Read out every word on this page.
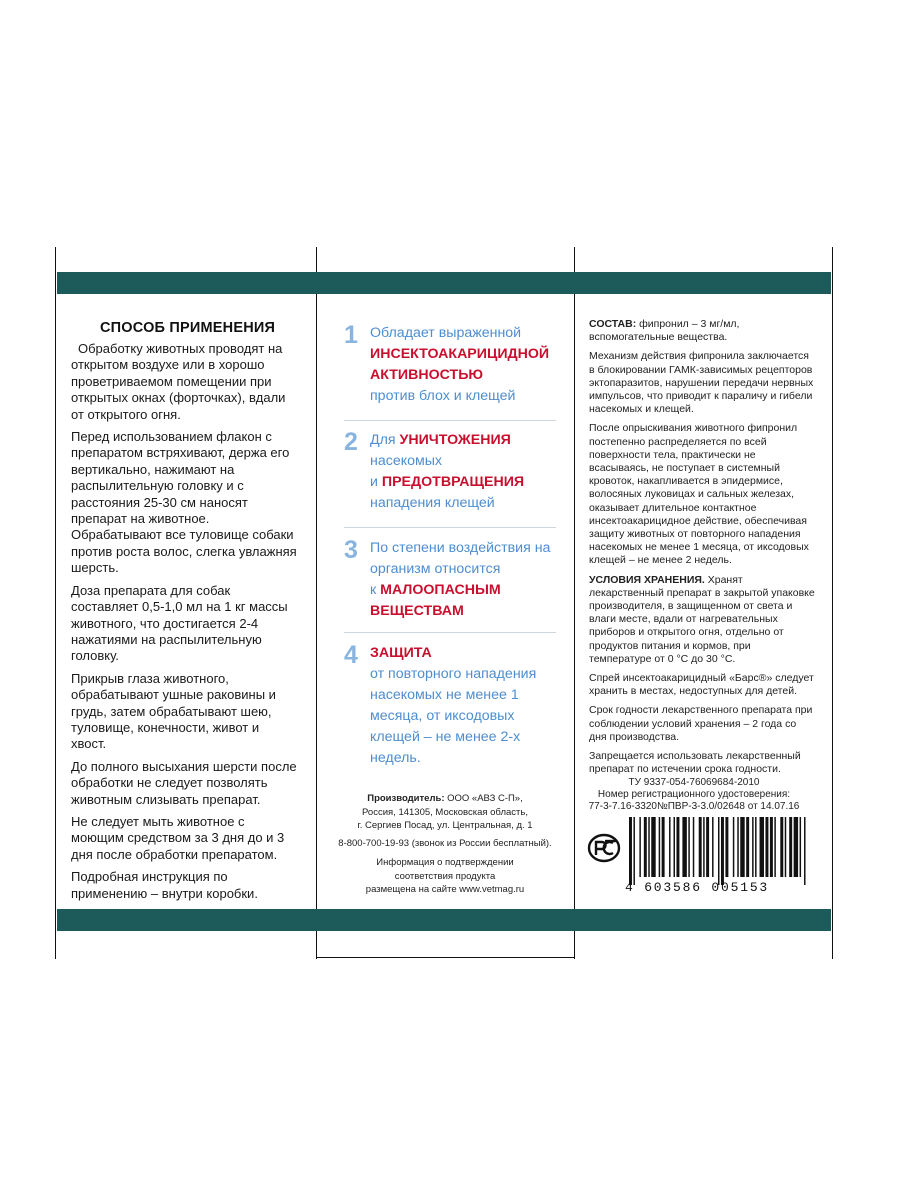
СПОСОБ ПРИМЕНЕНИЯ

Обработку животных проводят на открытом воздухе или в хорошо проветриваемом помещении при открытых окнах (форточках), вдали от открытого огня.

Перед использованием флакон с препаратом встряхивают, держа его вертикально, нажимают на распылительную головку и с расстояния 25-30 см наносят препарат на животное. Обрабатывают все туловище собаки против роста волос, слегка увлажняя шерсть.

Доза препарата для собак составляет 0,5-1,0 мл на 1 кг массы животного, что достигается 2-4 нажатиями на распылительную головку.

Прикрыв глаза животного, обрабатывают ушные раковины и грудь, затем обрабатывают шею, туловище, конечности, живот и хвост.

До полного высыхания шерсти после обработки не следует позволять животным слизывать препарат.

Не следует мыть животное с моющим средством за 3 дня до и 3 дня после обработки препаратом.

Подробная инструкция по применению – внутри коробки.

1 Обладает выраженной
ИНСЕКТОАКАРИЦИДНОЙ АКТИВНОСТЬЮ
против блох и клещей
2 Для УНИЧТОЖЕНИЯ
насекомых
и ПРЕДОТВРАЩЕНИЯ
нападения клещей
3 По степени воздействия на организм относится
к МАЛООПАСНЫМ ВЕЩЕСТВАМ
4 ЗАЩИТА
от повторного нападения насекомых не менее 1 месяца, от иксодовых клещей – не менее 2-х недель.
Производитель: ООО «АВЗ С-П»,
Россия, 141305, Московская область,
г. Сергиев Посад, ул. Центральная, д. 1
8-800-700-19-93 (звонок из России бесплатный).
Информация о подтверждении
соответствия продукта
размещена на сайте www.vetmag.ru

СОСТАВ: фипронил – 3 мг/мл, вспомогательные вещества.

Механизм действия фипронила заключается в блокировании ГАМК-зависимых рецепторов эктопаразитов, нарушении передачи нервных импульсов, что приводит к параличу и гибели насекомых и клещей.

После опрыскивания животного фипронил постепенно распределяется по всей поверхности тела, практически не всасываясь, не поступает в системный кровоток, накапливается в эпидермисе, волосяных луковицах и сальных железах, оказывает длительное контактное инсектоакарицидное действие, обеспечивая защиту животных от повторного нападения насекомых не менее 1 месяца, от иксодовых клещей – не менее 2 недель.

УСЛОВИЯ ХРАНЕНИЯ. Хранят лекарственный препарат в закрытой упаковке производителя, в защищенном от света и влаги месте, вдали от нагревательных приборов и открытого огня, отдельно от продуктов питания и кормов, при температуре от 0 °С до 30 °С.

Спрей инсектоакарицидный «Барс®» следует хранить в местах, недоступных для детей.

Срок годности лекарственного препарата при соблюдении условий хранения – 2 года со дня производства.

Запрещается использовать лекарственный препарат по истечении срока годности.

ТУ 9337-054-76069684-2010
Номер регистрационного удостоверения:
77-3-7.16-3320№ПВР-3-3.0/02648 от 14.07.16
4 603586 005153
